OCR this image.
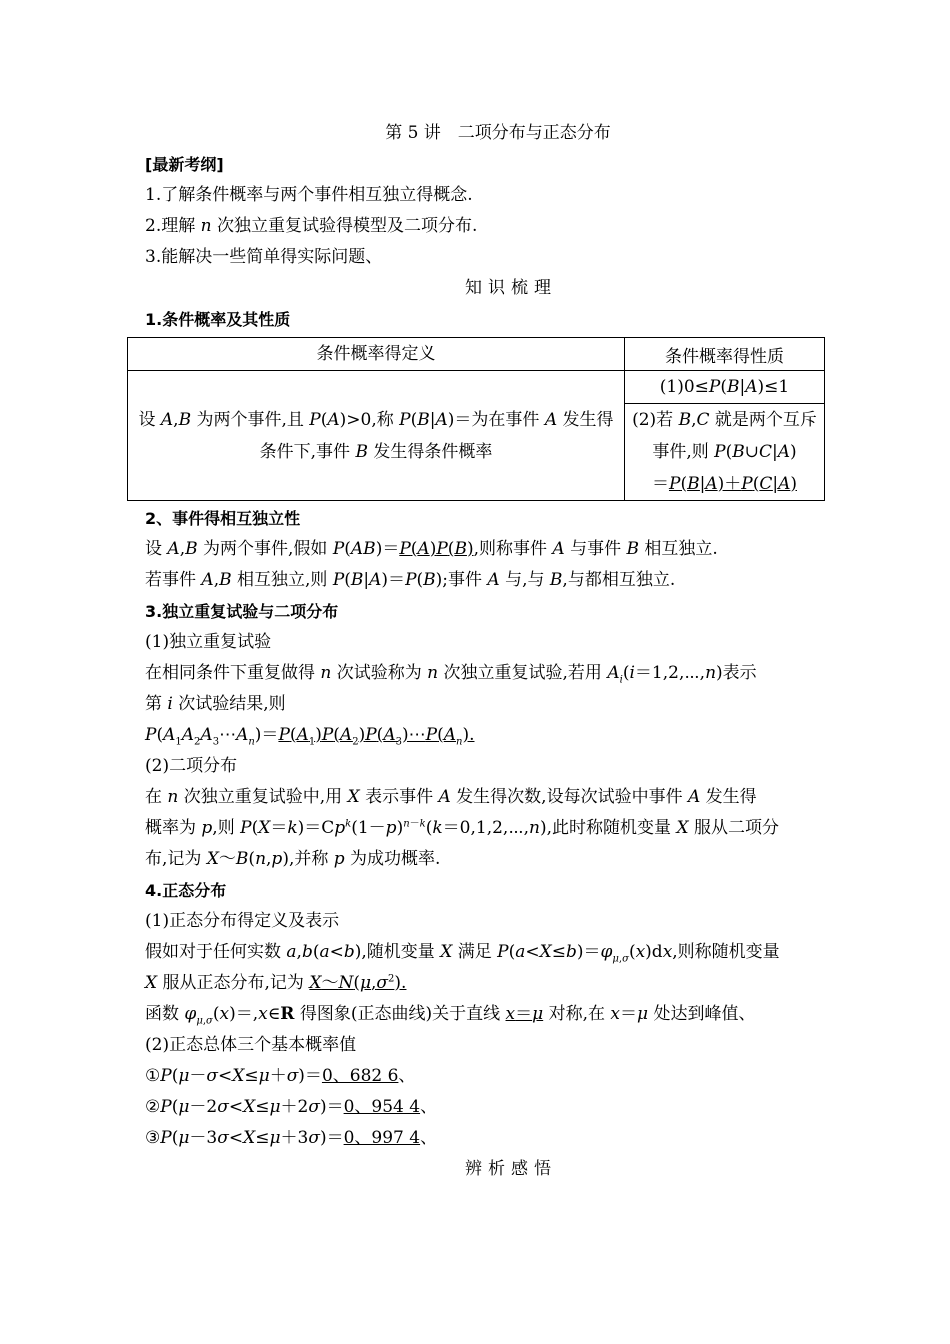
第 5 讲　二项分布与正态分布
[最新考纲]
1.了解条件概率与两个事件相互独立得概念.
2.理解 n 次独立重复试验得模型及二项分布.
3.能解决一些简单得实际问题、
知识梳理
1.条件概率及其性质
条件概率得定义	条件概率得性质
设 A,B 为两个事件,且 P(A)>0,称 P(B|A)＝为在事件 A 发生得条件下,事件 B 发生得条件概率	(1)0≤P(B|A)≤1
	(2)若 B,C 就是两个互斥事件,则 P(B∪C|A)
＝P(B|A)＋P(C|A)
2、事件得相互独立性
设 A,B 为两个事件,假如 P(AB)＝P(A)P(B),则称事件 A 与事件 B 相互独立.
若事件 A,B 相互独立,则 P(B|A)＝P(B);事件 A 与,与 B,与都相互独立.
3.独立重复试验与二项分布
(1)独立重复试验
在相同条件下重复做得 n 次试验称为 n 次独立重复试验,若用 $A_i(i=1,2,\cdots,n)$表示
第 i 次试验结果,则
$P(A_1A_2A_3\cdots A_n)=P(A_1)P(A_2)P(A_3)\cdots P(A_n)$.
(2)二项分布
在 n 次独立重复试验中,用 X 表示事件 A 发生得次数,设每次试验中事件 A 发生得
概率为 p,则 $P(X=k)=Cp^k(1-p)^{n-k}(k=0,1,2,\cdots,n)$,此时称随机变量 X 服从二项分
布,记为 X～B(n,p),并称 p 为成功概率.
4.正态分布
(1)正态分布得定义及表示
假如对于任何实数 a,b(a<b),随机变量 X 满足 $P(a<X\le b)=\varphi_{\mu,\sigma}(x)dx$,则称随机变量
X 服从正态分布,记为 $X\sim N(\mu,\sigma^2)$.
函数 $\varphi_{\mu,\sigma}(x)=,x\in R$ 得图象(正态曲线)关于直线 x＝μ 对称,在 x＝μ 处达到峰值、
(2)正态总体三个基本概率值
①P(μ－σ<X≤μ＋σ)＝0、682 6、
②P(μ－2σ<X≤μ＋2σ)＝0、954 4、
③P(μ－3σ<X≤μ＋3σ)＝0、997 4、
辨析感悟
